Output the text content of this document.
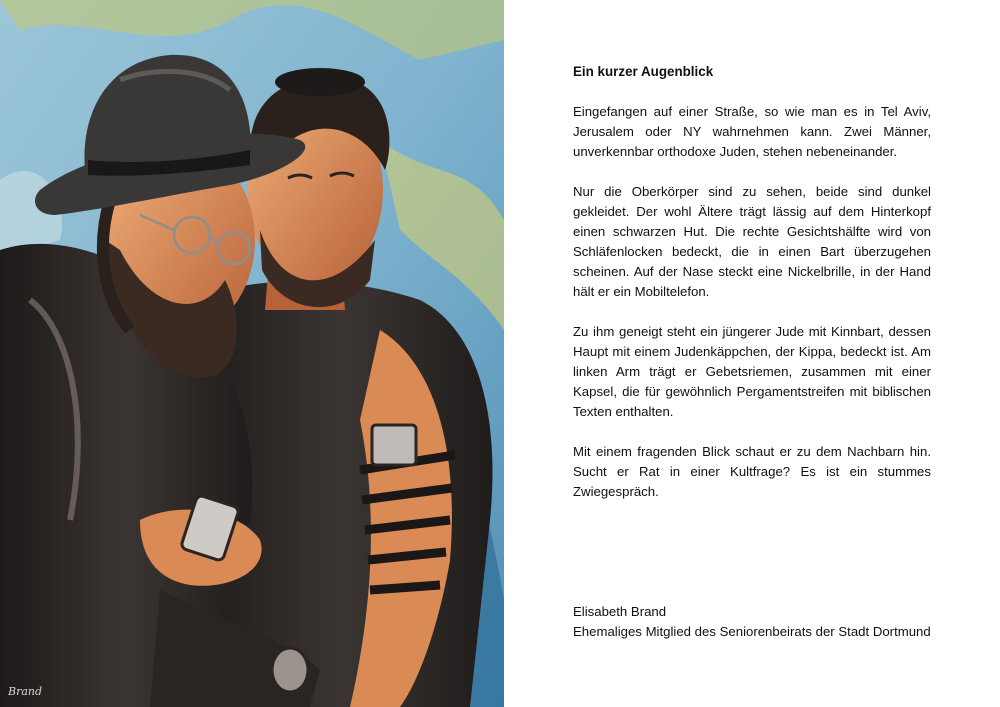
Brand
Ein kurzer Augenblick

Eingefangen auf einer Straße, so wie man es in Tel Aviv, Jerusalem oder NY wahrnehmen kann. Zwei Männer, unverkennbar orthodoxe Juden, stehen nebeneinander.

Nur die Oberkörper sind zu sehen, beide sind dunkel gekleidet. Der wohl Ältere trägt lässig auf dem Hinterkopf einen schwarzen Hut. Die rechte Gesichtshälfte wird von Schläfenlocken bedeckt, die in einen Bart überzugehen scheinen. Auf der Nase steckt eine Nickelbrille, in der Hand hält er ein Mobiltelefon.

Zu ihm geneigt steht ein jüngerer Jude mit Kinnbart, dessen Haupt mit einem Judenkäppchen, der Kippa, bedeckt ist. Am linken Arm trägt er Gebetsriemen, zusammen mit einer Kapsel, die für gewöhnlich Pergamentstreifen mit biblischen Texten enthalten.

Mit einem fragenden Blick schaut er zu dem Nachbarn hin. Sucht er Rat in einer Kultfrage? Es ist ein stummes Zwiegespräch.

Elisabeth Brand
Ehemaliges Mitglied des Seniorenbeirats der Stadt Dortmund
